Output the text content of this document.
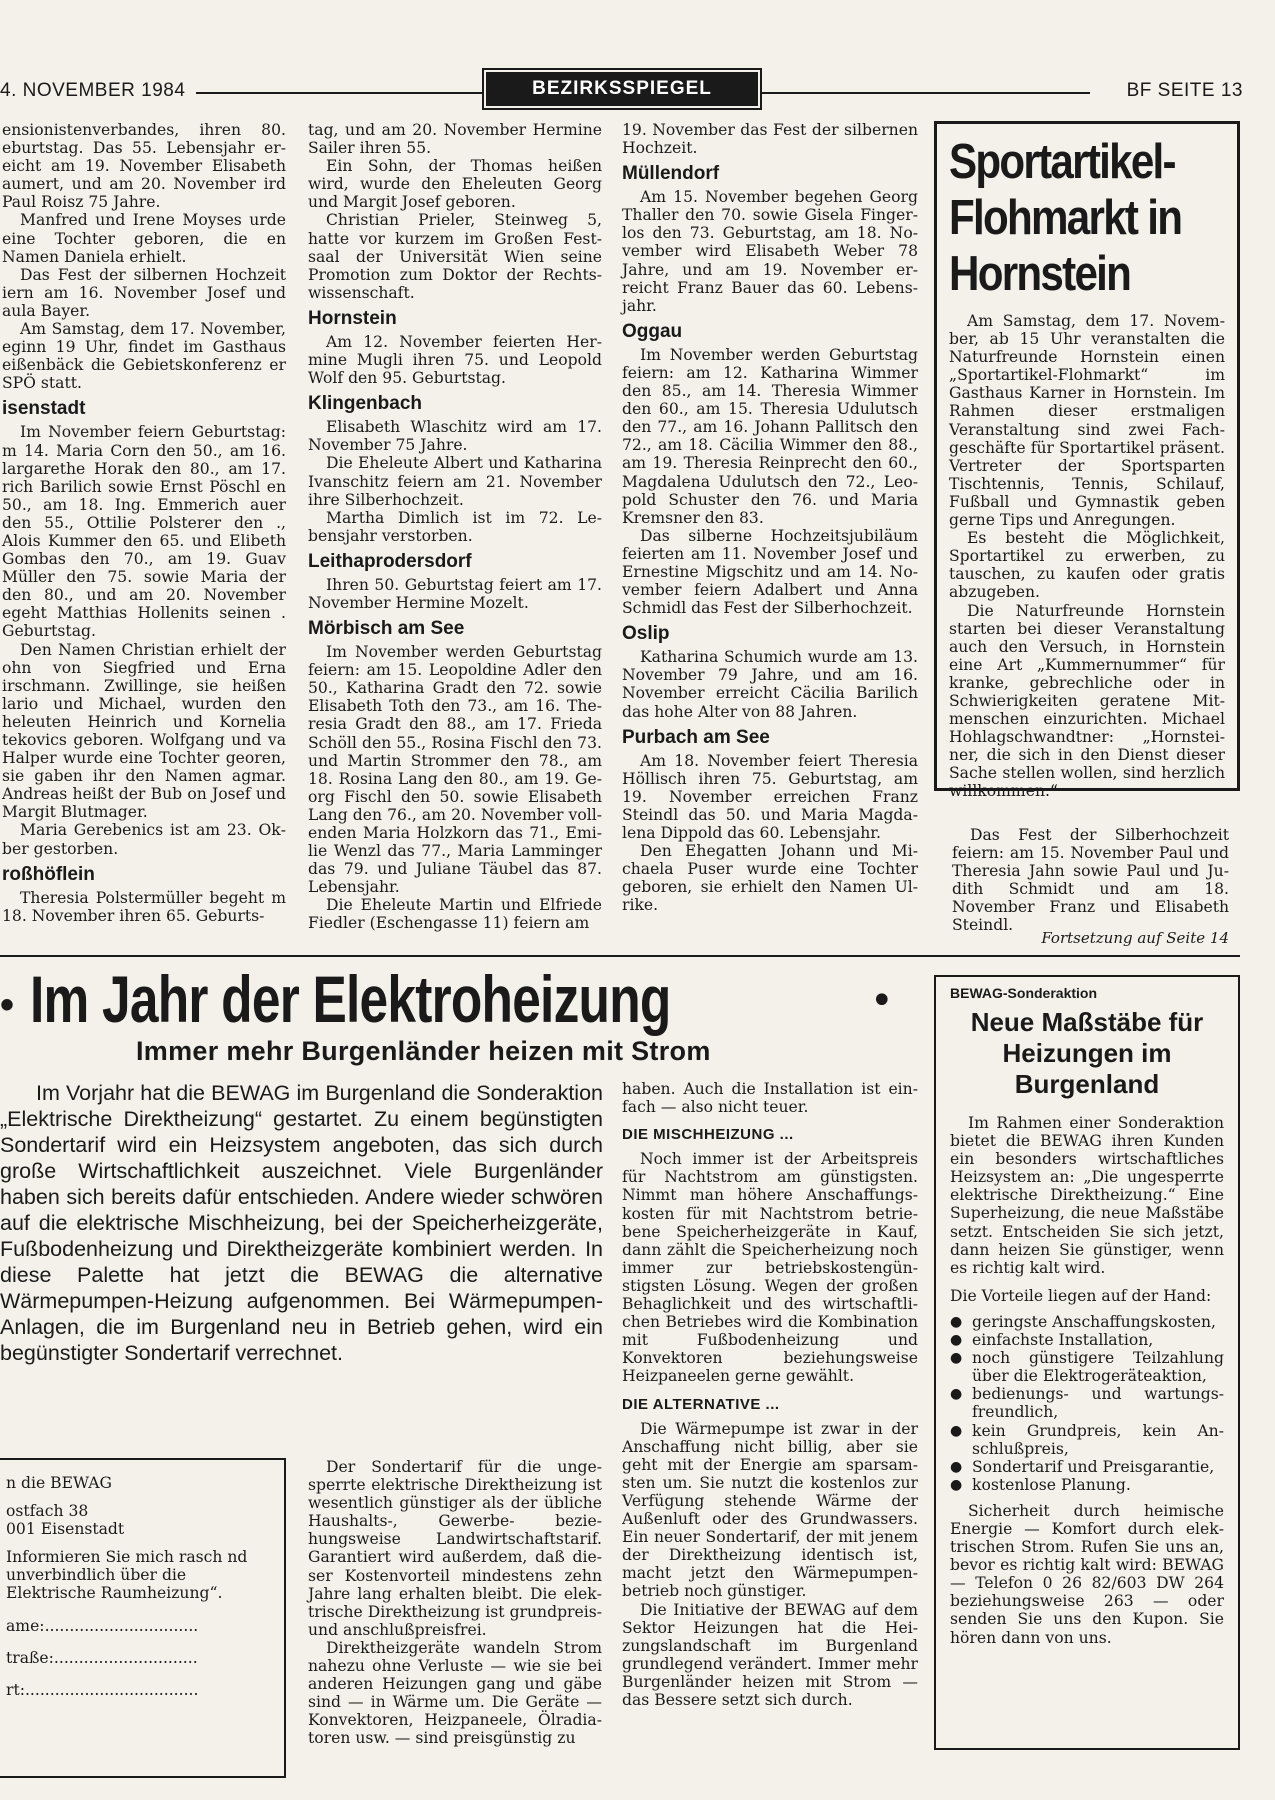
4. NOVEMBER 1984	BEZIRKSSPIEGEL	BF SEITE 13

ensionistenverbandes, ihren 80. eburtstag. Das 55. Lebensjahr ereicht am 19. November Elisabeth aumert, und am 20. November ird Paul Roisz 75 Jahre.

Manfred und Irene Moyses urde eine Tochter geboren, die en Namen Daniela erhielt.

Das Fest der silbernen Hochzeit iern am 16. November Josef und aula Bayer.

Am Samstag, dem 17. November, eginn 19 Uhr, findet im Gasthaus eißenbäck die Gebietskonferenz er SPÖ statt.

isenstadt

Im November feiern Geburtstag: m 14. Maria Corn den 50., am 16. largarethe Horak den 80., am 17. rich Barilich sowie Ernst Pöschl en 50., am 18. Ing. Emmerich auer den 55., Ottilie Polsterer den ., Alois Kummer den 65. und Elibeth Gombas den 70., am 19. Guav Müller den 75. sowie Maria der den 80., und am 20. November egeht Matthias Hollenits seinen . Geburtstag.

Den Namen Christian erhielt der ohn von Siegfried und Erna irschmann. Zwillinge, sie heißen lario und Michael, wurden den heleuten Heinrich und Kornelia tekovics geboren. Wolfgang und va Halper wurde eine Tochter georen, sie gaben ihr den Namen agmar. Andreas heißt der Bub on Josef und Margit Blutmager.

Maria Gerebenics ist am 23. Okber gestorben.

roßhöflein

Theresia Polstermüller begeht m 18. November ihren 65. Geburts-

tag, und am 20. November Hermine Sailer ihren 55.

Ein Sohn, der Thomas heißen wird, wurde den Eheleuten Georg und Margit Josef geboren.

Christian Prieler, Steinweg 5, hatte vor kurzem im Großen Festsaal der Universität Wien seine Promotion zum Doktor der Rechtswissenschaft.

Hornstein

Am 12. November feierten Hermine Mugli ihren 75. und Leopold Wolf den 95. Geburtstag.

Klingenbach

Elisabeth Wlaschitz wird am 17. November 75 Jahre.

Die Eheleute Albert und Katharina Ivanschitz feiern am 21. November ihre Silberhochzeit.

Martha Dimlich ist im 72. Lebensjahr verstorben.

Leithaprodersdorf

Ihren 50. Geburtstag feiert am 17. November Hermine Mozelt.

Mörbisch am See

Im November werden Geburtstag feiern: am 15. Leopoldine Adler den 50., Katharina Gradt den 72. sowie Elisabeth Toth den 73., am 16. Theresia Gradt den 88., am 17. Frieda Schöll den 55., Rosina Fischl den 73. und Martin Strommer den 78., am 18. Rosina Lang den 80., am 19. Georg Fischl den 50. sowie Elisabeth Lang den 76., am 20. November vollenden Maria Holzkorn das 71., Emilie Wenzl das 77., Maria Lamminger das 79. und Juliane Täubel das 87. Lebensjahr.

Die Eheleute Martin und Elfriede Fiedler (Eschengasse 11) feiern am

19. November das Fest der silbernen Hochzeit.

Müllendorf

Am 15. November begehen Georg Thaller den 70. sowie Gisela Fingerlos den 73. Geburtstag, am 18. November wird Elisabeth Weber 78 Jahre, und am 19. November erreicht Franz Bauer das 60. Lebensjahr.

Oggau

Im November werden Geburtstag feiern: am 12. Katharina Wimmer den 85., am 14. Theresia Wimmer den 60., am 15. Theresia Udulutsch den 77., am 16. Johann Pallitsch den 72., am 18. Cäcilia Wimmer den 88., am 19. Theresia Reinprecht den 60., Magdalena Udulutsch den 72., Leopold Schuster den 76. und Maria Kremsner den 83.

Das silberne Hochzeitsjubiläum feierten am 11. November Josef und Ernestine Migschitz und am 14. November feiern Adalbert und Anna Schmidl das Fest der Silberhochzeit.

Oslip

Katharina Schumich wurde am 13. November 79 Jahre, und am 16. November erreicht Cäcilia Barilich das hohe Alter von 88 Jahren.

Purbach am See

Am 18. November feiert Theresia Höllisch ihren 75. Geburtstag, am 19. November erreichen Franz Steindl das 50. und Maria Magdalena Dippold das 60. Lebensjahr.

Den Ehegatten Johann und Michaela Puser wurde eine Tochter geboren, sie erhielt den Namen Ulrike.

Sportartikel-
Flohmarkt in
Hornstein

Am Samstag, dem 17. November, ab 15 Uhr veranstalten die Naturfreunde Hornstein einen „Sportartikel-Flohmarkt“ im Gasthaus Karner in Hornstein. Im Rahmen dieser erstmaligen Veranstaltung sind zwei Fachgeschäfte für Sportartikel präsent. Vertreter der Sportsparten Tischtennis, Tennis, Schilauf, Fußball und Gymnastik geben gerne Tips und Anregungen.

Es besteht die Möglichkeit, Sportartikel zu erwerben, zu tauschen, zu kaufen oder gratis abzugeben.

Die Naturfreunde Hornstein starten bei dieser Veranstaltung auch den Versuch, in Hornstein eine Art „Kummernummer“ für kranke, gebrechliche oder in Schwierigkeiten geratene Mitmenschen einzurichten. Michael Hohlagschwandtner: „Hornsteiner, die sich in den Dienst dieser Sache stellen wollen, sind herzlich willkommen.“

Das Fest der Silberhochzeit feiern: am 15. November Paul und Theresia Jahn sowie Paul und Judith Schmidt und am 18. November Franz und Elisabeth Steindl.

Fortsetzung auf Seite 14
• Im Jahr der Elektroheizung	•
Immer mehr Burgenländer heizen mit Strom

Im Vorjahr hat die BEWAG im Burgenland die Sonderaktion „Elektrische Direktheizung“ gestartet. Zu einem begünstigten Sondertarif wird ein Heizsystem angeboten, das sich durch große Wirtschaftlichkeit auszeichnet. Viele Burgenländer haben sich bereits dafür entschieden. Andere wieder schwören auf die elektrische Mischheizung, bei der Speicherheizgeräte, Fußbodenheizung und Direktheizgeräte kombiniert werden. In diese Palette hat jetzt die BEWAG die alternative Wärmepumpen-Heizung aufgenommen. Bei Wärmepumpen-Anlagen, die im Burgenland neu in Betrieb gehen, wird ein begünstigter Sondertarif verrechnet.

haben. Auch die Installation ist einfach — also nicht teuer.

DIE MISCHHEIZUNG ...

Noch immer ist der Arbeitspreis für Nachtstrom am günstigsten. Nimmt man höhere Anschaffungskosten für mit Nachtstrom betriebene Speicherheizgeräte in Kauf, dann zählt die Speicherheizung noch immer zur betriebskostengünstigsten Lösung. Wegen der großen Behaglichkeit und des wirtschaftlichen Betriebes wird die Kombination mit Fußbodenheizung und Konvektoren beziehungsweise Heizpaneelen gerne gewählt.

DIE ALTERNATIVE ...

Die Wärmepumpe ist zwar in der Anschaffung nicht billig, aber sie geht mit der Energie am sparsamsten um. Sie nutzt die kostenlos zur Verfügung stehende Wärme der Außenluft oder des Grundwassers. Ein neuer Sondertarif, der mit jenem der Direktheizung identisch ist, macht jetzt den Wärmepumpenbetrieb noch günstiger.

Die Initiative der BEWAG auf dem Sektor Heizungen hat die Heizungslandschaft im Burgenland grundlegend verändert. Immer mehr Burgenländer heizen mit Strom — das Bessere setzt sich durch.

n die BEWAG

ostfach 38

001 Eisenstadt

Informieren Sie mich rasch nd unverbindlich über die Elektrische Raumheizung“.

ame:...............................

traße:.............................

rt:...................................

Der Sondertarif für die ungesperrte elektrische Direktheizung ist wesentlich günstiger als der übliche Haushalts-, Gewerbe- beziehungsweise Landwirtschaftstarif. Garantiert wird außerdem, daß dieser Kostenvorteil mindestens zehn Jahre lang erhalten bleibt. Die elektrische Direktheizung ist grundpreis- und anschlußpreisfrei.

Direktheizgeräte wandeln Strom nahezu ohne Verluste — wie sie bei anderen Heizungen gang und gäbe sind — in Wärme um. Die Geräte — Konvektoren, Heizpaneele, Ölradiatoren usw. — sind preisgünstig zu

BEWAG-Sonderaktion
Neue Maßstäbe für Heizungen im Burgenland

Im Rahmen einer Sonderaktion bietet die BEWAG ihren Kunden ein besonders wirtschaftliches Heizsystem an: „Die ungesperrte elektrische Direktheizung.“ Eine Superheizung, die neue Maßstäbe setzt. Entscheiden Sie sich jetzt, dann heizen Sie günstiger, wenn es richtig kalt wird.

Die Vorteile liegen auf der Hand:

● geringste Anschaffungskosten,
● einfachste Installation,
● noch günstigere Teilzahlung über die Elektrogeräteaktion,
● bedienungs- und wartungsfreundlich,
● kein Grundpreis, kein Anschlußpreis,
● Sondertarif und Preisgarantie,
● kostenlose Planung.

Sicherheit durch heimische Energie — Komfort durch elektrischen Strom. Rufen Sie uns an, bevor es richtig kalt wird: BEWAG — Telefon 0 26 82/603 DW 264 beziehungsweise 263 — oder senden Sie uns den Kupon. Sie hören dann von uns.
